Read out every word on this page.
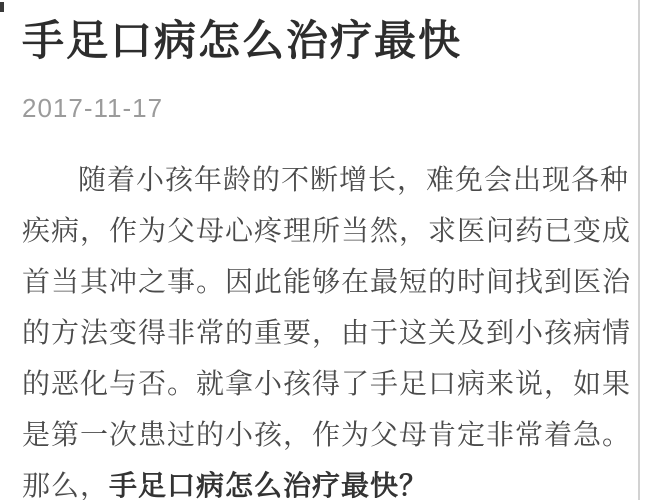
手足口病怎么治疗最快
2017-11-17
随着小孩年龄的不断增长，难免会出现各种
疾病，作为父母心疼理所当然，求医问药已变成
首当其冲之事。因此能够在最短的时间找到医治
的方法变得非常的重要，由于这关及到小孩病情
的恶化与否。就拿小孩得了手足口病来说，如果
是第一次患过的小孩，作为父母肯定非常着急。
那么，手足口病怎么治疗最快？
